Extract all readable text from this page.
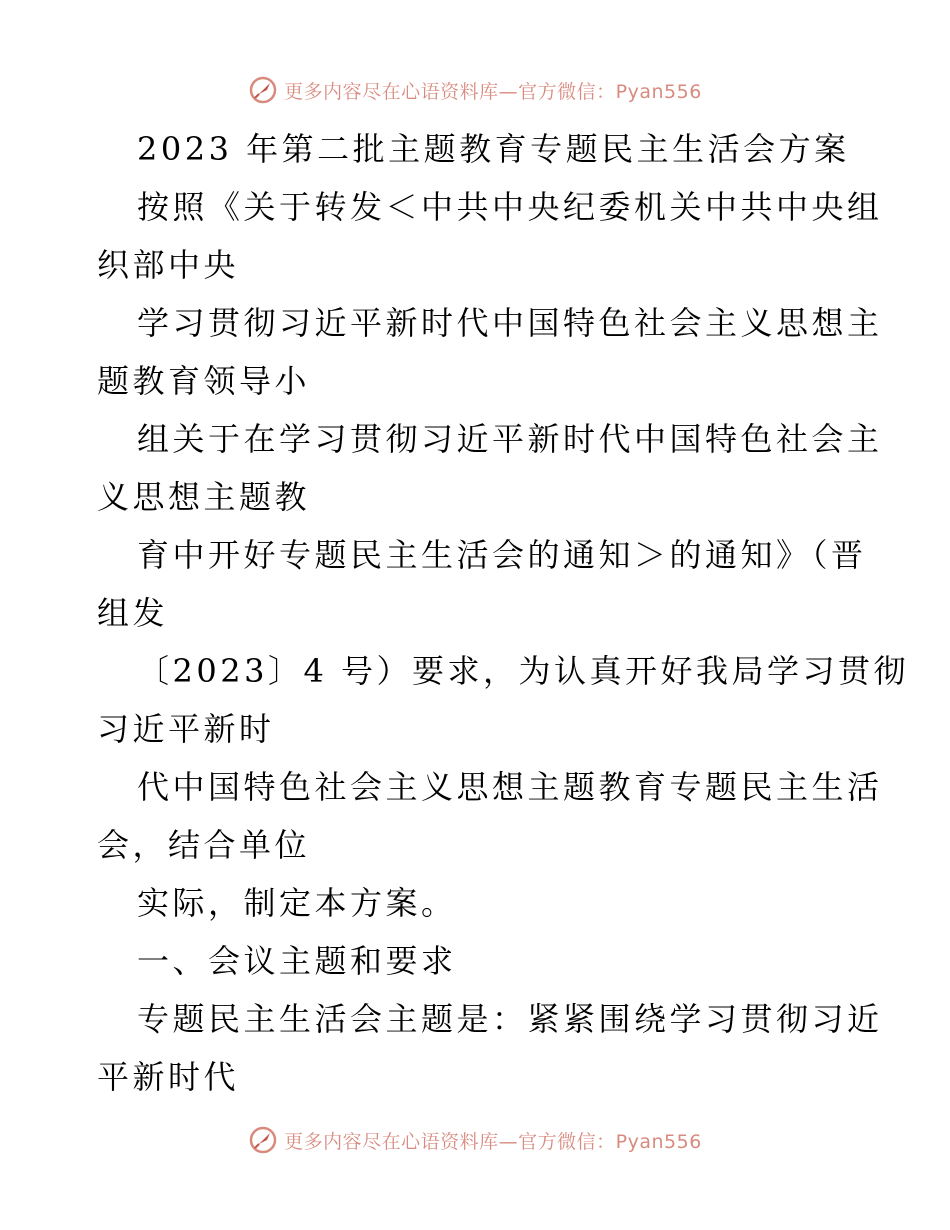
更多内容尽在心语资料库—官方微信：Pyan556
2023 年第二批主题教育专题民主生活会方案
按照《关于转发＜中共中央纪委机关中共中央组
织部中央
学习贯彻习近平新时代中国特色社会主义思想主
题教育领导小
组关于在学习贯彻习近平新时代中国特色社会主
义思想主题教
育中开好专题民主生活会的通知＞的通知》（晋
组发
〔2023〕4 号）要求，为认真开好我局学习贯彻
习近平新时
代中国特色社会主义思想主题教育专题民主生活
会，结合单位
实际，制定本方案。
一、会议主题和要求
专题民主生活会主题是：紧紧围绕学习贯彻习近
平新时代
更多内容尽在心语资料库—官方微信：Pyan556
